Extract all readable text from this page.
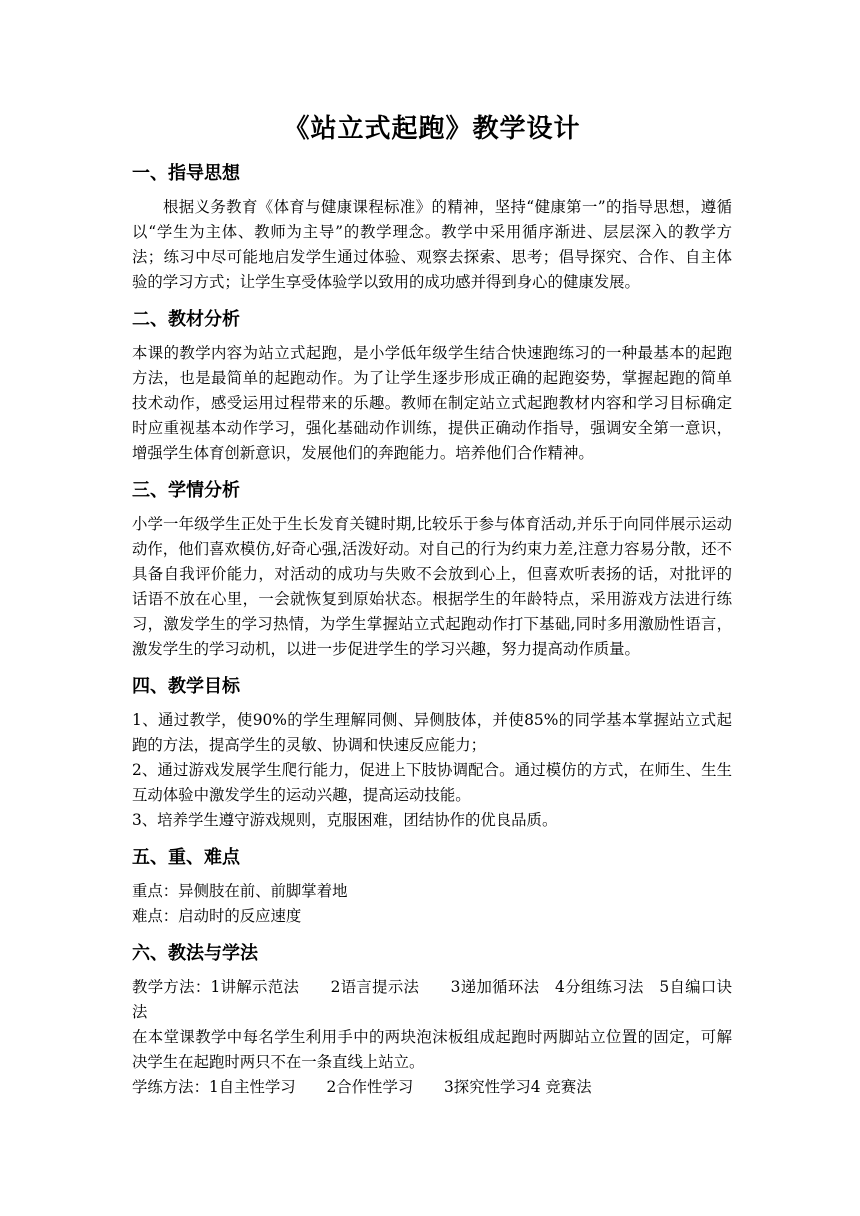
《站立式起跑》教学设计
一、指导思想

根据义务教育《体育与健康课程标准》的精神，坚持“健康第一”的指导思想，遵循以“学生为主体、教师为主导”的教学理念。教学中采用循序渐进、层层深入的教学方法；练习中尽可能地启发学生通过体验、观察去探索、思考；倡导探究、合作、自主体验的学习方式；让学生享受体验学以致用的成功感并得到身心的健康发展。

二、教材分析

本课的教学内容为站立式起跑，是小学低年级学生结合快速跑练习的一种最基本的起跑方法，也是最简单的起跑动作。为了让学生逐步形成正确的起跑姿势，掌握起跑的简单技术动作，感受运用过程带来的乐趣。教师在制定站立式起跑教材内容和学习目标确定时应重视基本动作学习，强化基础动作训练，提供正确动作指导，强调安全第一意识，增强学生体育创新意识，发展他们的奔跑能力。培养他们合作精神。

三、学情分析

小学一年级学生正处于生长发育关键时期,比较乐于参与体育活动,并乐于向同伴展示运动动作，他们喜欢模仿,好奇心强,活泼好动。对自己的行为约束力差,注意力容易分散，还不具备自我评价能力，对活动的成功与失败不会放到心上，但喜欢听表扬的话，对批评的话语不放在心里，一会就恢复到原始状态。根据学生的年龄特点，采用游戏方法进行练习，激发学生的学习热情，为学生掌握站立式起跑动作打下基础,同时多用激励性语言，激发学生的学习动机，以进一步促进学生的学习兴趣，努力提高动作质量。

四、教学目标

1、通过教学，使90%的学生理解同侧、异侧肢体，并使85%的同学基本掌握站立式起跑的方法，提高学生的灵敏、协调和快速反应能力；

2、通过游戏发展学生爬行能力，促进上下肢协调配合。通过模仿的方式，在师生、生生互动体验中激发学生的运动兴趣，提高运动技能。

3、培养学生遵守游戏规则，克服困难，团结协作的优良品质。

五、重、难点

重点：异侧肢在前、前脚掌着地

难点：启动时的反应速度

六、教法与学法

教学方法：1讲解示范法　　2语言提示法　　3递加循环法　4分组练习法　5自编口诀法

在本堂课教学中每名学生利用手中的两块泡沫板组成起跑时两脚站立位置的固定，可解决学生在起跑时两只不在一条直线上站立。

学练方法：1自主性学习　　2合作性学习　　3探究性学习4 竞赛法
